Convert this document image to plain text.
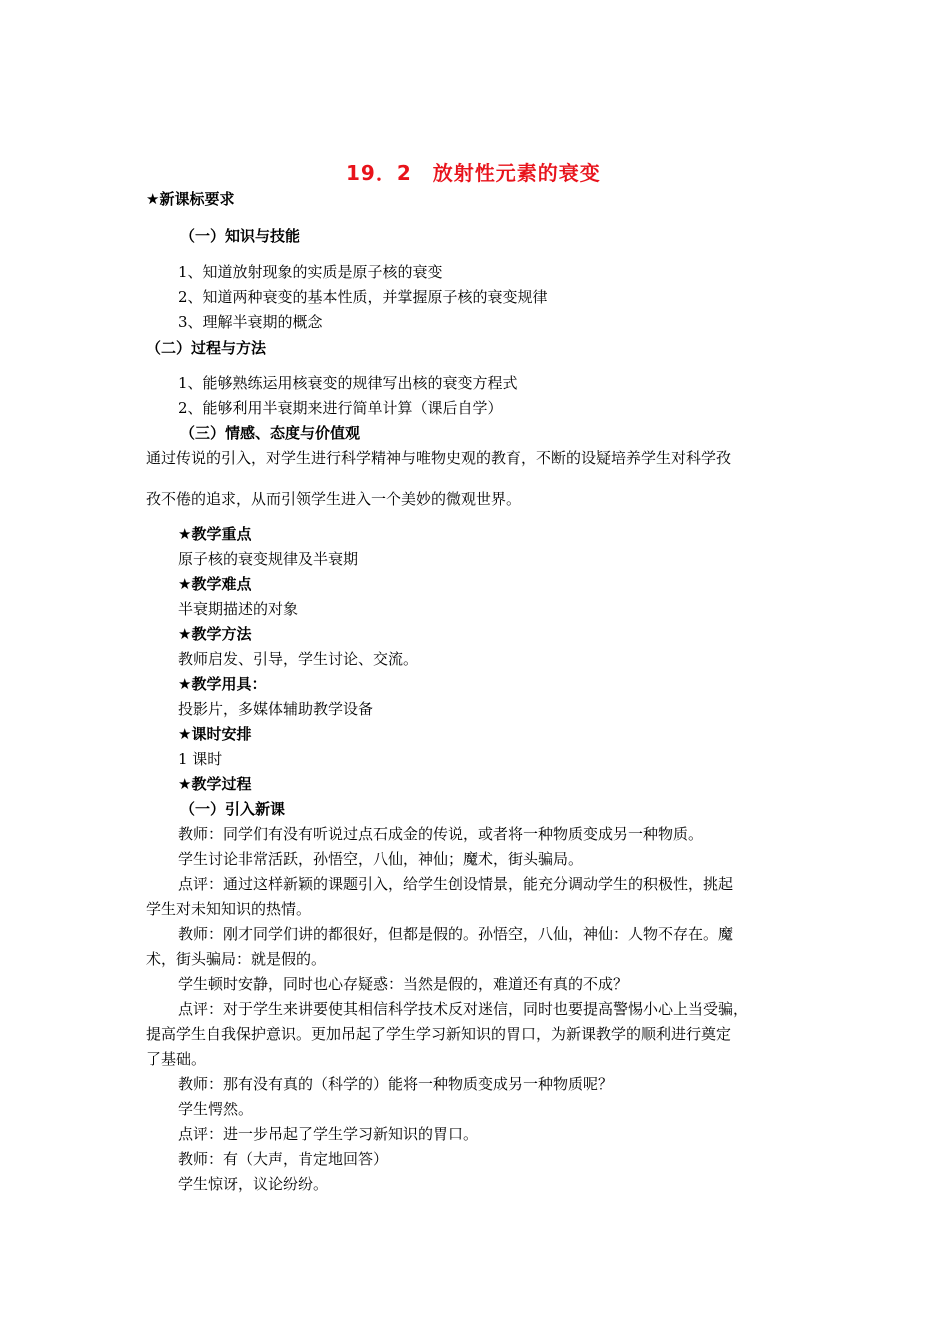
19．2　放射性元素的衰变
★新课标要求
（一）知识与技能
1、知道放射现象的实质是原子核的衰变
2、知道两种衰变的基本性质，并掌握原子核的衰变规律
3、理解半衰期的概念
（二）过程与方法
1、能够熟练运用核衰变的规律写出核的衰变方程式
2、能够利用半衰期来进行简单计算（课后自学）
（三）情感、态度与价值观
通过传说的引入，对学生进行科学精神与唯物史观的教育，不断的设疑培养学生对科学孜
孜不倦的追求，从而引领学生进入一个美妙的微观世界。
★教学重点
原子核的衰变规律及半衰期
★教学难点
半衰期描述的对象
★教学方法
教师启发、引导，学生讨论、交流。
★教学用具：
投影片，多媒体辅助教学设备
★课时安排
1 课时
★教学过程
（一）引入新课
教师：同学们有没有听说过点石成金的传说，或者将一种物质变成另一种物质。
学生讨论非常活跃，孙悟空，八仙，神仙；魔术，街头骗局。
点评：通过这样新颖的课题引入，给学生创设情景，能充分调动学生的积极性，挑起
学生对未知知识的热情。
教师：刚才同学们讲的都很好，但都是假的。孙悟空，八仙，神仙：人物不存在。魔
术，街头骗局：就是假的。
学生顿时安静，同时也心存疑惑：当然是假的，难道还有真的不成？
点评：对于学生来讲要使其相信科学技术反对迷信，同时也要提高警惕小心上当受骗，
提高学生自我保护意识。更加吊起了学生学习新知识的胃口，为新课教学的顺利进行奠定
了基础。
教师：那有没有真的（科学的）能将一种物质变成另一种物质呢？
学生愕然。
点评：进一步吊起了学生学习新知识的胃口。
教师：有（大声，肯定地回答）
学生惊讶，议论纷纷。
